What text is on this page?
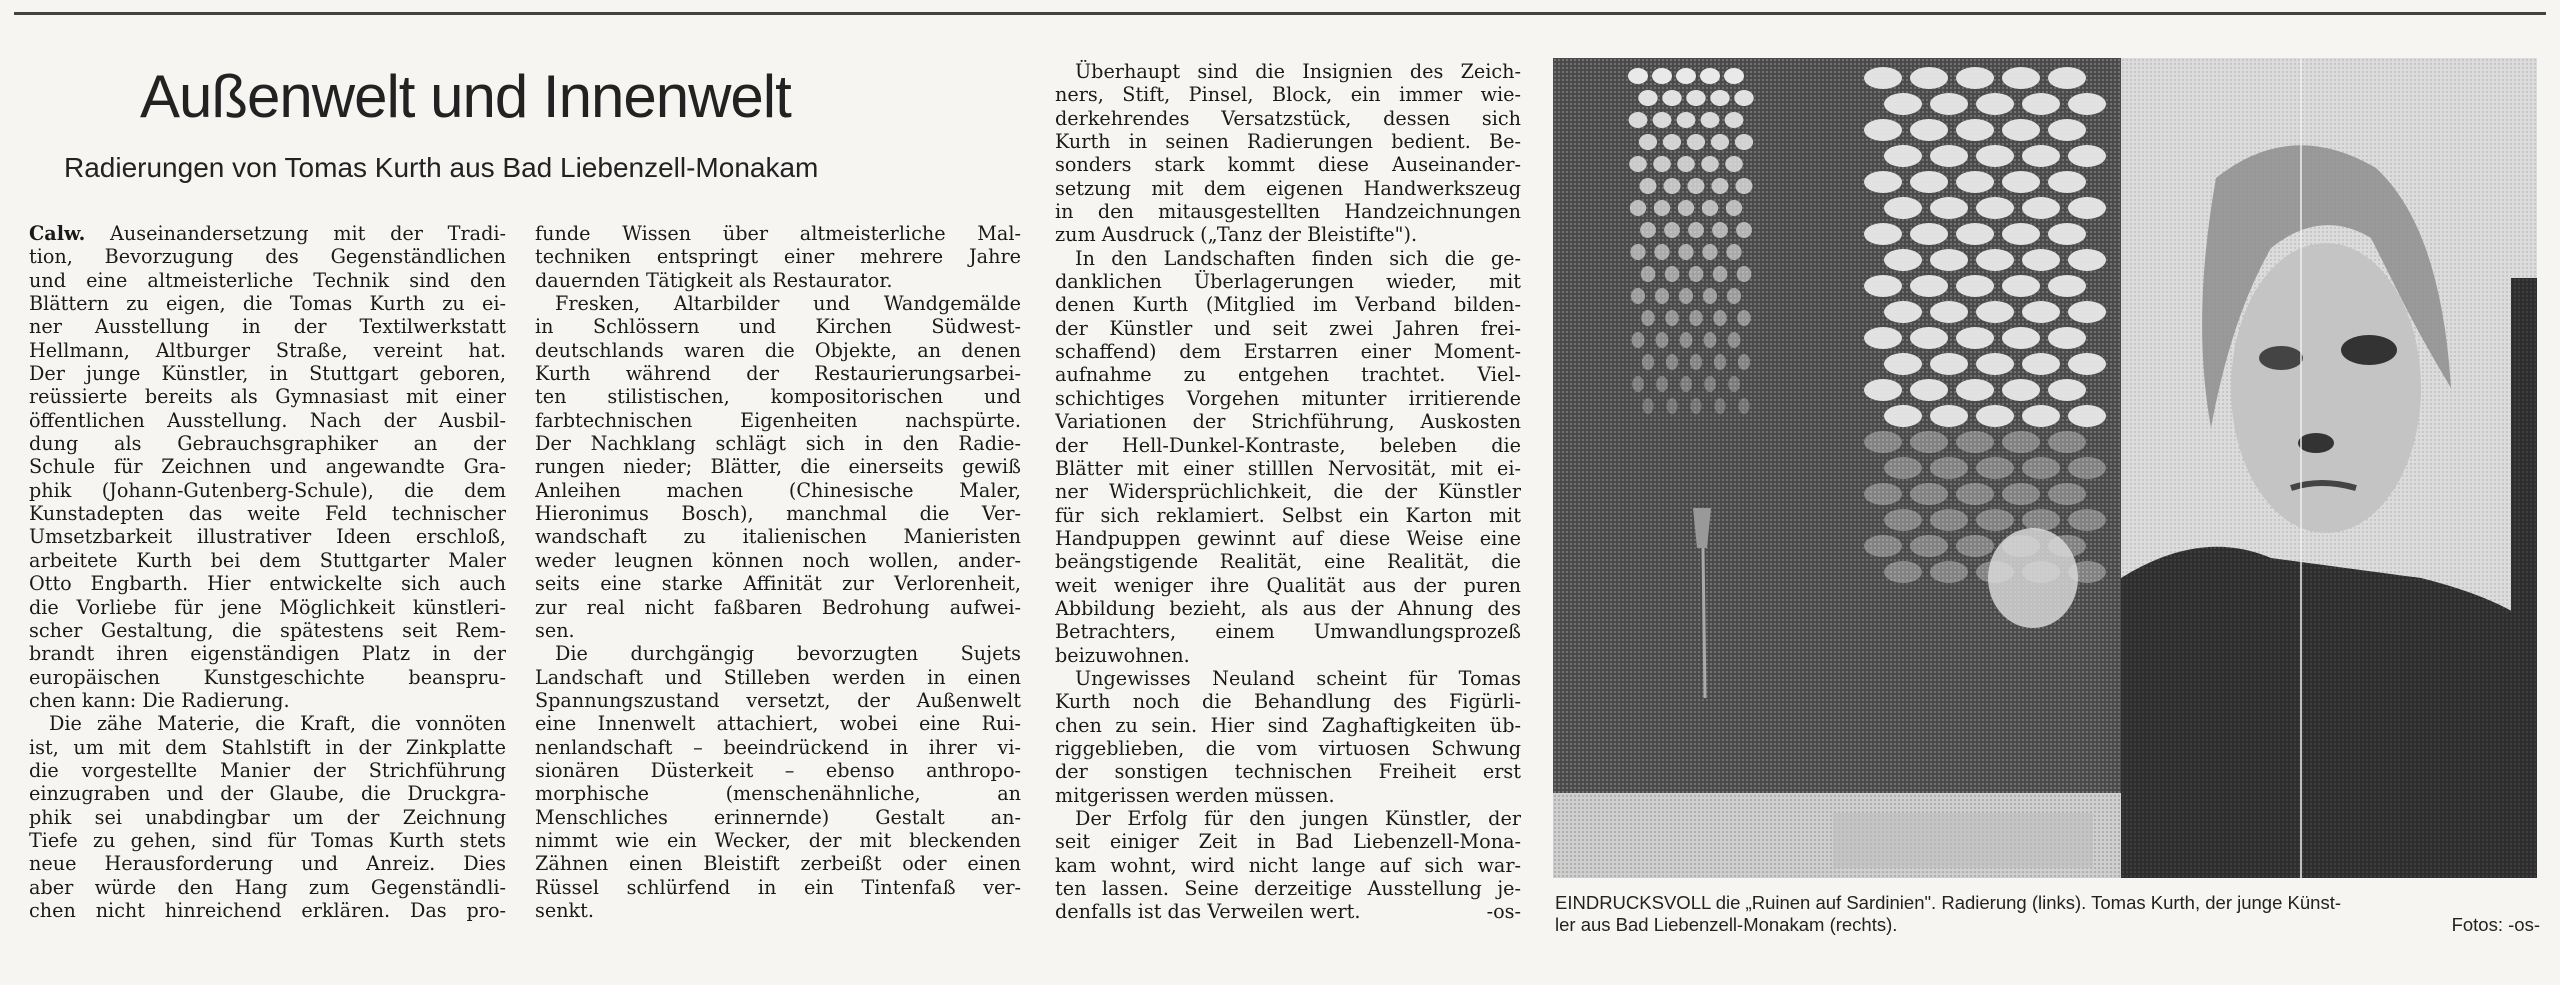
Außenwelt und Innenwelt
Radierungen von Tomas Kurth aus Bad Liebenzell-Monakam
Calw. Auseinandersetzung mit der Tradi-
tion, Bevorzugung des Gegenständlichen
und eine altmeisterliche Technik sind den
Blättern zu eigen, die Tomas Kurth zu ei-
ner Ausstellung in der Textilwerkstatt
Hellmann, Altburger Straße, vereint hat.
Der junge Künstler, in Stuttgart geboren,
reüssierte bereits als Gymnasiast mit einer
öffentlichen Ausstellung. Nach der Ausbil-
dung als Gebrauchsgraphiker an der
Schule für Zeichnen und angewandte Gra-
phik (Johann-Gutenberg-Schule), die dem
Kunstadepten das weite Feld technischer
Umsetzbarkeit illustrativer Ideen erschloß,
arbeitete Kurth bei dem Stuttgarter Maler
Otto Engbarth. Hier entwickelte sich auch
die Vorliebe für jene Möglichkeit künstleri-
scher Gestaltung, die spätestens seit Rem-
brandt ihren eigenständigen Platz in der
europäischen Kunstgeschichte beanspru-
chen kann: Die Radierung.
Die zähe Materie, die Kraft, die vonnöten
ist, um mit dem Stahlstift in der Zinkplatte
die vorgestellte Manier der Strichführung
einzugraben und der Glaube, die Druckgra-
phik sei unabdingbar um der Zeichnung
Tiefe zu gehen, sind für Tomas Kurth stets
neue Herausforderung und Anreiz. Dies
aber würde den Hang zum Gegenständli-
chen nicht hinreichend erklären. Das pro-
funde Wissen über altmeisterliche Mal-
techniken entspringt einer mehrere Jahre
dauernden Tätigkeit als Restaurator.
Fresken, Altarbilder und Wandgemälde
in Schlössern und Kirchen Südwest-
deutschlands waren die Objekte, an denen
Kurth während der Restaurierungsarbei-
ten stilistischen, kompositorischen und
farbtechnischen Eigenheiten nachspürte.
Der Nachklang schlägt sich in den Radie-
rungen nieder; Blätter, die einerseits gewiß
Anleihen machen (Chinesische Maler,
Hieronimus Bosch), manchmal die Ver-
wandschaft zu italienischen Manieristen
weder leugnen können noch wollen, ander-
seits eine starke Affinität zur Verlorenheit,
zur real nicht faßbaren Bedrohung aufwei-
sen.
Die durchgängig bevorzugten Sujets
Landschaft und Stilleben werden in einen
Spannungszustand versetzt, der Außenwelt
eine Innenwelt attachiert, wobei eine Rui-
nenlandschaft – beeindrückend in ihrer vi-
sionären Düsterkeit – ebenso anthropo-
morphische (menschenähnliche, an
Menschliches erinnernde) Gestalt an-
nimmt wie ein Wecker, der mit bleckenden
Zähnen einen Bleistift zerbeißt oder einen
Rüssel schlürfend in ein Tintenfaß ver-
senkt.
Überhaupt sind die Insignien des Zeich-
ners, Stift, Pinsel, Block, ein immer wie-
derkehrendes Versatzstück, dessen sich
Kurth in seinen Radierungen bedient. Be-
sonders stark kommt diese Auseinander-
setzung mit dem eigenen Handwerkszeug
in den mitausgestellten Handzeichnungen
zum Ausdruck („Tanz der Bleistifte").
In den Landschaften finden sich die ge-
danklichen Überlagerungen wieder, mit
denen Kurth (Mitglied im Verband bilden-
der Künstler und seit zwei Jahren frei-
schaffend) dem Erstarren einer Moment-
aufnahme zu entgehen trachtet. Viel-
schichtiges Vorgehen mitunter irritierende
Variationen der Strichführung, Auskosten
der Hell-Dunkel-Kontraste, beleben die
Blätter mit einer stilllen Nervosität, mit ei-
ner Widersprüchlichkeit, die der Künstler
für sich reklamiert. Selbst ein Karton mit
Handpuppen gewinnt auf diese Weise eine
beängstigende Realität, eine Realität, die
weit weniger ihre Qualität aus der puren
Abbildung bezieht, als aus der Ahnung des
Betrachters, einem Umwandlungsprozeß
beizuwohnen.
Ungewisses Neuland scheint für Tomas
Kurth noch die Behandlung des Figürli-
chen zu sein. Hier sind Zaghaftigkeiten üb-
riggeblieben, die vom virtuosen Schwung
der sonstigen technischen Freiheit erst
mitgerissen werden müssen.
Der Erfolg für den jungen Künstler, der
seit einiger Zeit in Bad Liebenzell-Mona-
kam wohnt, wird nicht lange auf sich war-
ten lassen. Seine derzeitige Ausstellung je-
denfalls ist das Verweilen wert.	-os- EINDRUCKSVOLL die „Ruinen auf Sardinien". Radierung (links). Tomas Kurth, der junge Künst-
ler aus Bad Liebenzell-Monakam (rechts).	Fotos: -os-
